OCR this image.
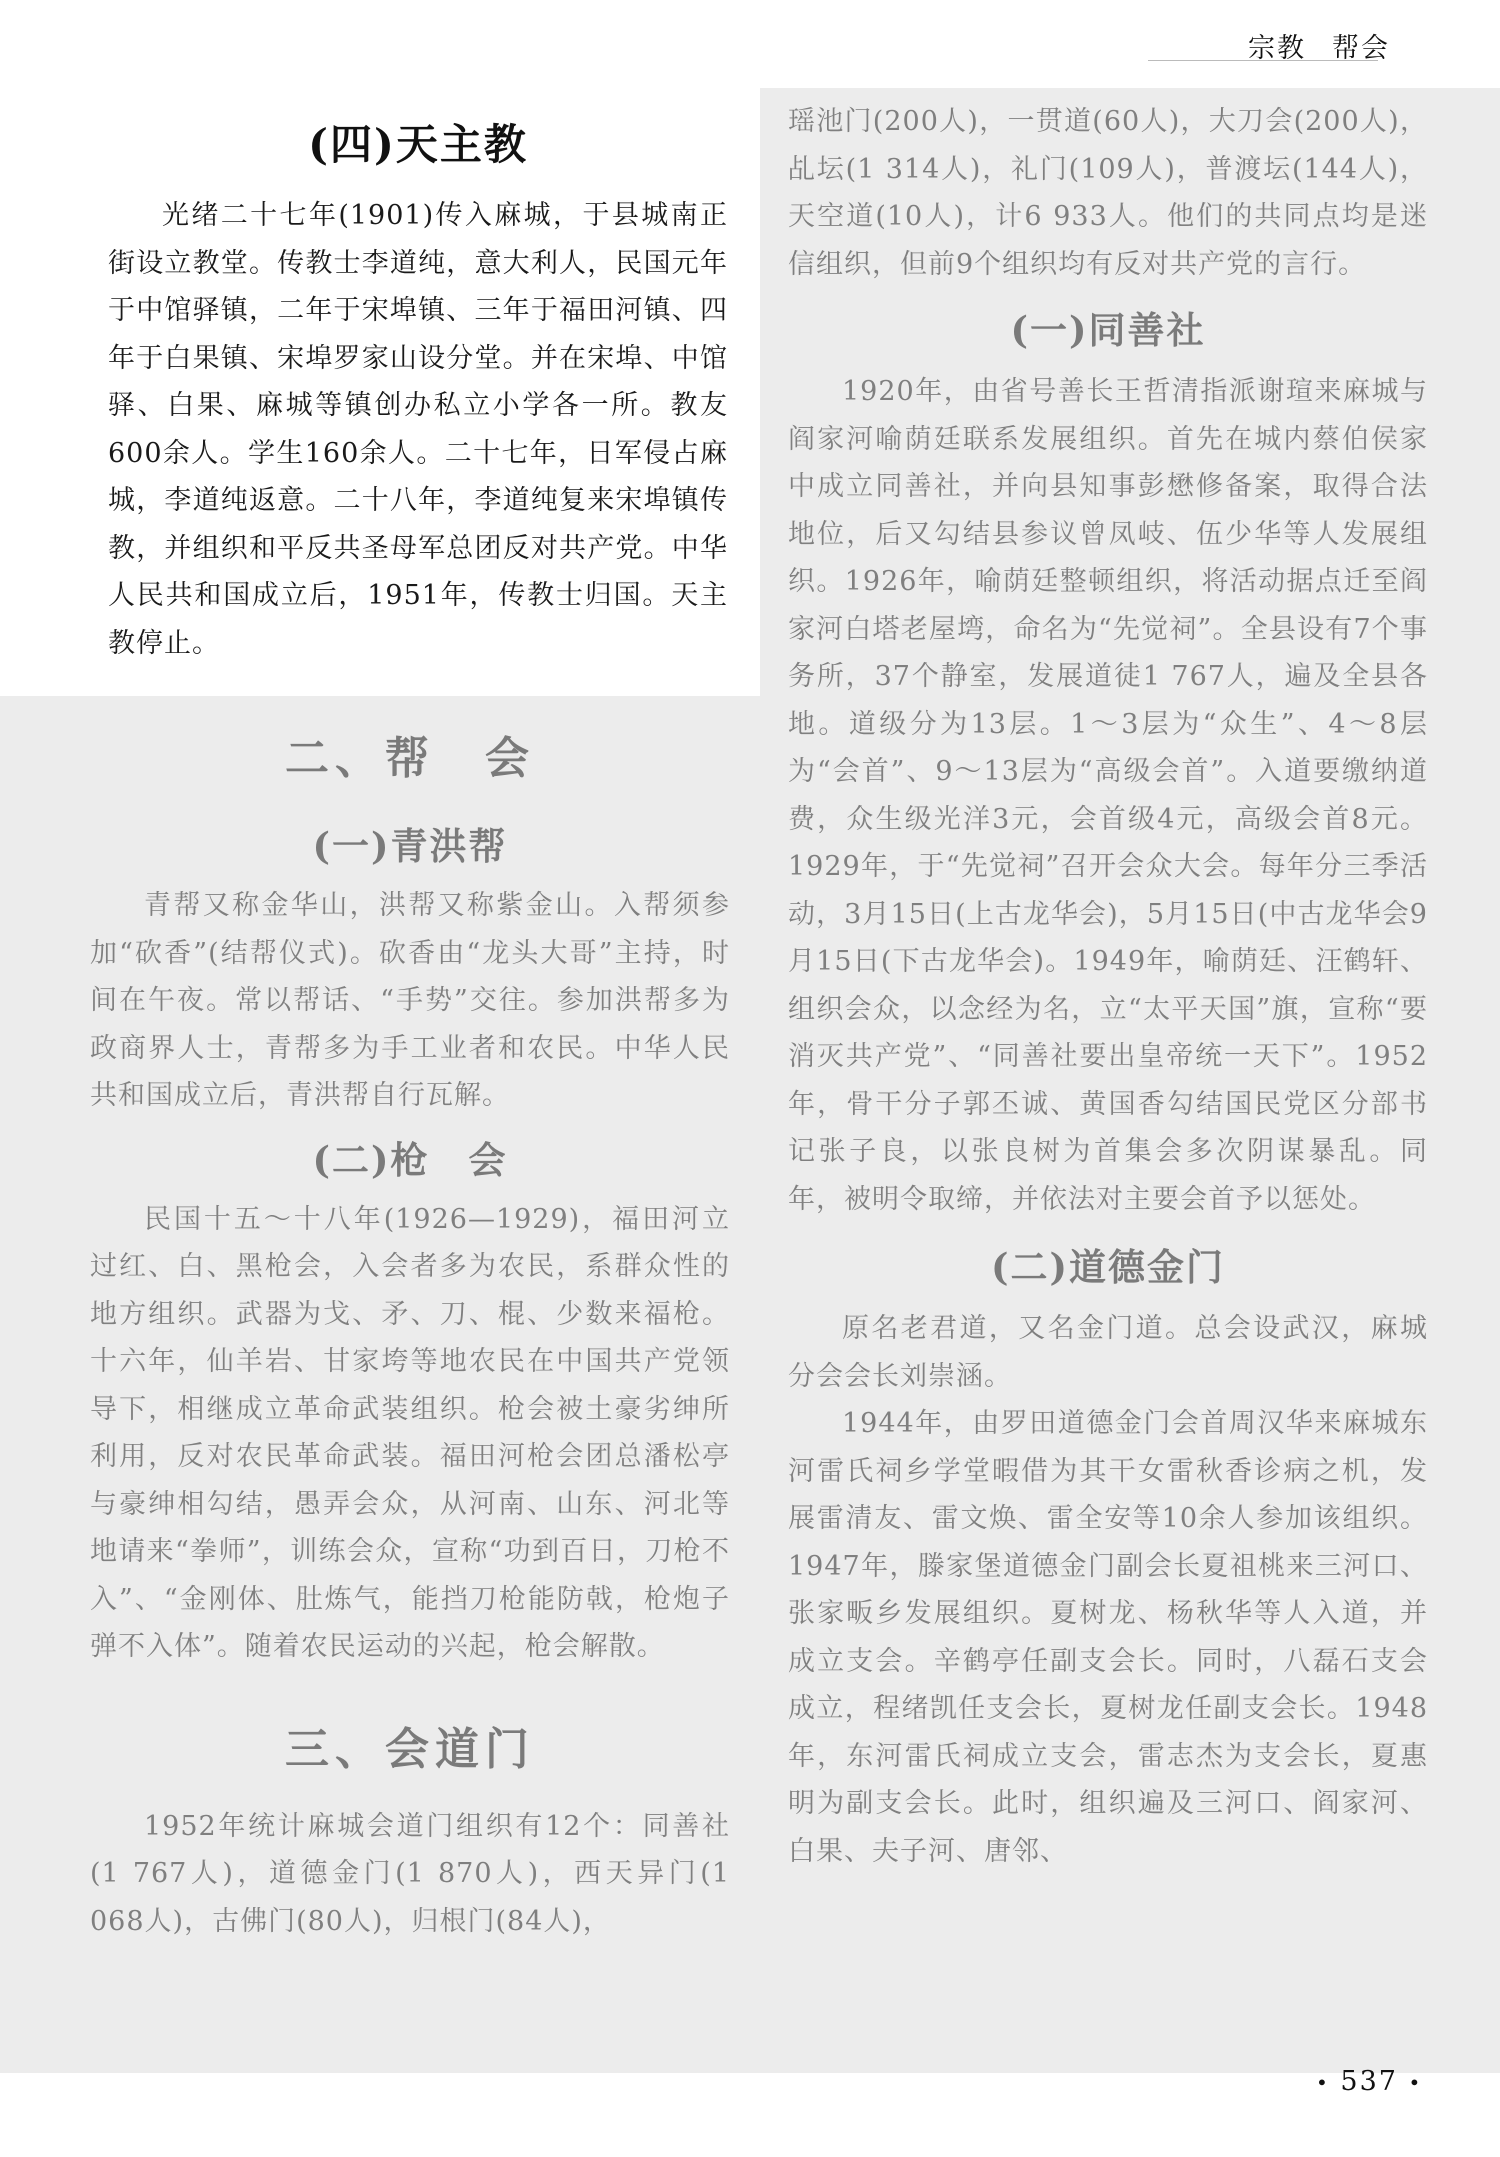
宗教 帮会
(四)天主教

光绪二十七年(1901)传入麻城，于县城南正街设立教堂。传教士李道纯，意大利人，民国元年于中馆驿镇，二年于宋埠镇、三年于福田河镇、四年于白果镇、宋埠罗家山设分堂。并在宋埠、中馆驿、白果、麻城等镇创办私立小学各一所。教友600余人。学生160余人。二十七年，日军侵占麻城，李道纯返意。二十八年，李道纯复来宋埠镇传教，并组织和平反共圣母军总团反对共产党。中华人民共和国成立后，1951年，传教士归国。天主教停止。

二、帮　会
(一)青洪帮

青帮又称金华山，洪帮又称紫金山。入帮须参加“砍香”(结帮仪式)。砍香由“龙头大哥”主持，时间在午夜。常以帮话、“手势”交往。参加洪帮多为政商界人士，青帮多为手工业者和农民。中华人民共和国成立后，青洪帮自行瓦解。

(二)枪　会

民国十五～十八年(1926—1929)，福田河立过红、白、黑枪会，入会者多为农民，系群众性的地方组织。武器为戈、矛、刀、棍、少数来福枪。十六年，仙羊岩、甘家垮等地农民在中国共产党领导下，相继成立革命武装组织。枪会被土豪劣绅所利用，反对农民革命武装。福田河枪会团总潘松亭与豪绅相勾结，愚弄会众，从河南、山东、河北等地请来“拳师”，训练会众，宣称“功到百日，刀枪不入”、“金刚体、肚炼气，能挡刀枪能防戟，枪炮子弹不入体”。随着农民运动的兴起，枪会解散。

三、会道门

1952年统计麻城会道门组织有12个：同善社(1 767人)，道德金门(1 870人)，西天异门(1 068人)，古佛门(80人)，归根门(84人)，

瑶池门(200人)，一贯道(60人)，大刀会(200人)，乩坛(1 314人)，礼门(109人)，普渡坛(144人)，天空道(10人)，计6 933人。他们的共同点均是迷信组织，但前9个组织均有反对共产党的言行。

(一)同善社

1920年，由省号善长王哲清指派谢瑄来麻城与阎家河喻荫廷联系发展组织。首先在城内蔡伯侯家中成立同善社，并向县知事彭懋修备案，取得合法地位，后又勾结县参议曾凤岐、伍少华等人发展组织。1926年，喻荫廷整顿组织，将活动据点迁至阎家河白塔老屋塆，命名为“先觉祠”。全县设有7个事务所，37个静室，发展道徒1 767人，遍及全县各地。道级分为13层。1～3层为“众生”、4～8层为“会首”、9～13层为“高级会首”。入道要缴纳道费，众生级光洋3元，会首级4元，高级会首8元。1929年，于“先觉祠”召开会众大会。每年分三季活动，3月15日(上古龙华会)，5月15日(中古龙华会9月15日(下古龙华会)。1949年，喻荫廷、汪鹤轩、组织会众，以念经为名，立“太平天国”旗，宣称“要消灭共产党”、“同善社要出皇帝统一天下”。1952年，骨干分子郭丕诚、黄国香勾结国民党区分部书记张子良，以张良树为首集会多次阴谋暴乱。同年，被明令取缔，并依法对主要会首予以惩处。

(二)道德金门

原名老君道，又名金门道。总会设武汉，麻城分会会长刘崇涵。

1944年，由罗田道德金门会首周汉华来麻城东河雷氏祠乡学堂暇借为其干女雷秋香诊病之机，发展雷清友、雷文焕、雷全安等10余人参加该组织。1947年，滕家堡道德金门副会长夏祖桃来三河口、张家畈乡发展组织。夏树龙、杨秋华等人入道，并成立支会。辛鹤亭任副支会长。同时，八磊石支会成立，程绪凯任支会长，夏树龙任副支会长。1948年，东河雷氏祠成立支会，雷志杰为支会长，夏惠明为副支会长。此时，组织遍及三河口、阎家河、白果、夫子河、唐邻、

• 537 •
